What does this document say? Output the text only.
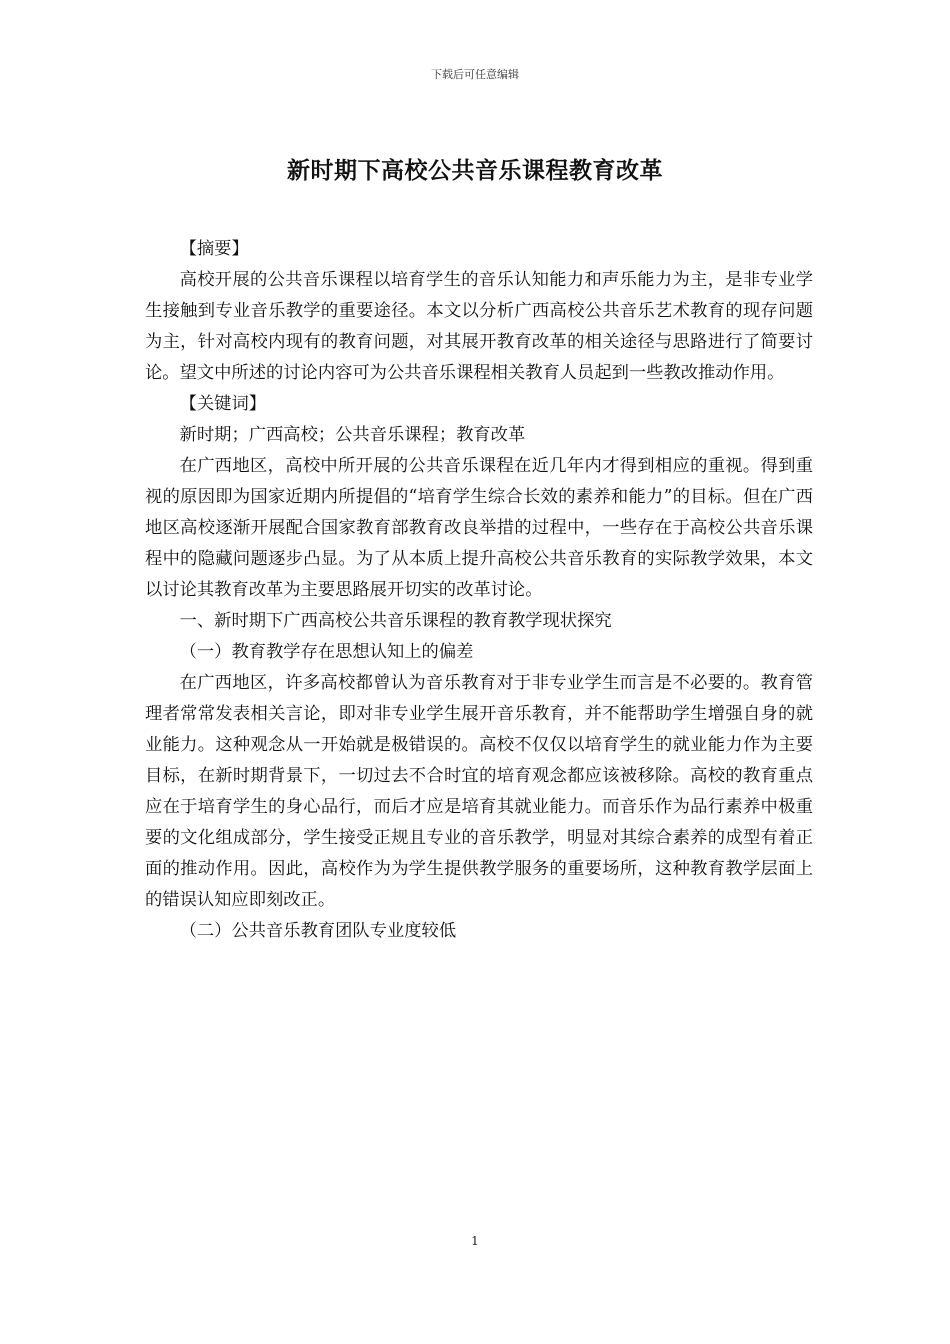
下载后可任意编辑
新时期下高校公共音乐课程教育改革

【摘要】

高校开展的公共音乐课程以培育学生的音乐认知能力和声乐能力为主，是非专业学生接触到专业音乐教学的重要途径。本文以分析广西高校公共音乐艺术教育的现存问题为主，针对高校内现有的教育问题，对其展开教育改革的相关途径与思路进行了简要讨论。望文中所述的讨论内容可为公共音乐课程相关教育人员起到一些教改推动作用。

【关键词】

新时期；广西高校；公共音乐课程；教育改革

在广西地区，高校中所开展的公共音乐课程在近几年内才得到相应的重视。得到重视的原因即为国家近期内所提倡的“培育学生综合长效的素养和能力”的目标。但在广西地区高校逐渐开展配合国家教育部教育改良举措的过程中，一些存在于高校公共音乐课程中的隐藏问题逐步凸显。为了从本质上提升高校公共音乐教育的实际教学效果，本文以讨论其教育改革为主要思路展开切实的改革讨论。

一、新时期下广西高校公共音乐课程的教育教学现状探究

（一）教育教学存在思想认知上的偏差

在广西地区，许多高校都曾认为音乐教育对于非专业学生而言是不必要的。教育管理者常常发表相关言论，即对非专业学生展开音乐教育，并不能帮助学生增强自身的就业能力。这种观念从一开始就是极错误的。高校不仅仅以培育学生的就业能力作为主要目标，在新时期背景下，一切过去不合时宜的培育观念都应该被移除。高校的教育重点应在于培育学生的身心品行，而后才应是培育其就业能力。而音乐作为品行素养中极重要的文化组成部分，学生接受正规且专业的音乐教学，明显对其综合素养的成型有着正面的推动作用。因此，高校作为为学生提供教学服务的重要场所，这种教育教学层面上的错误认知应即刻改正。

（二）公共音乐教育团队专业度较低

1
